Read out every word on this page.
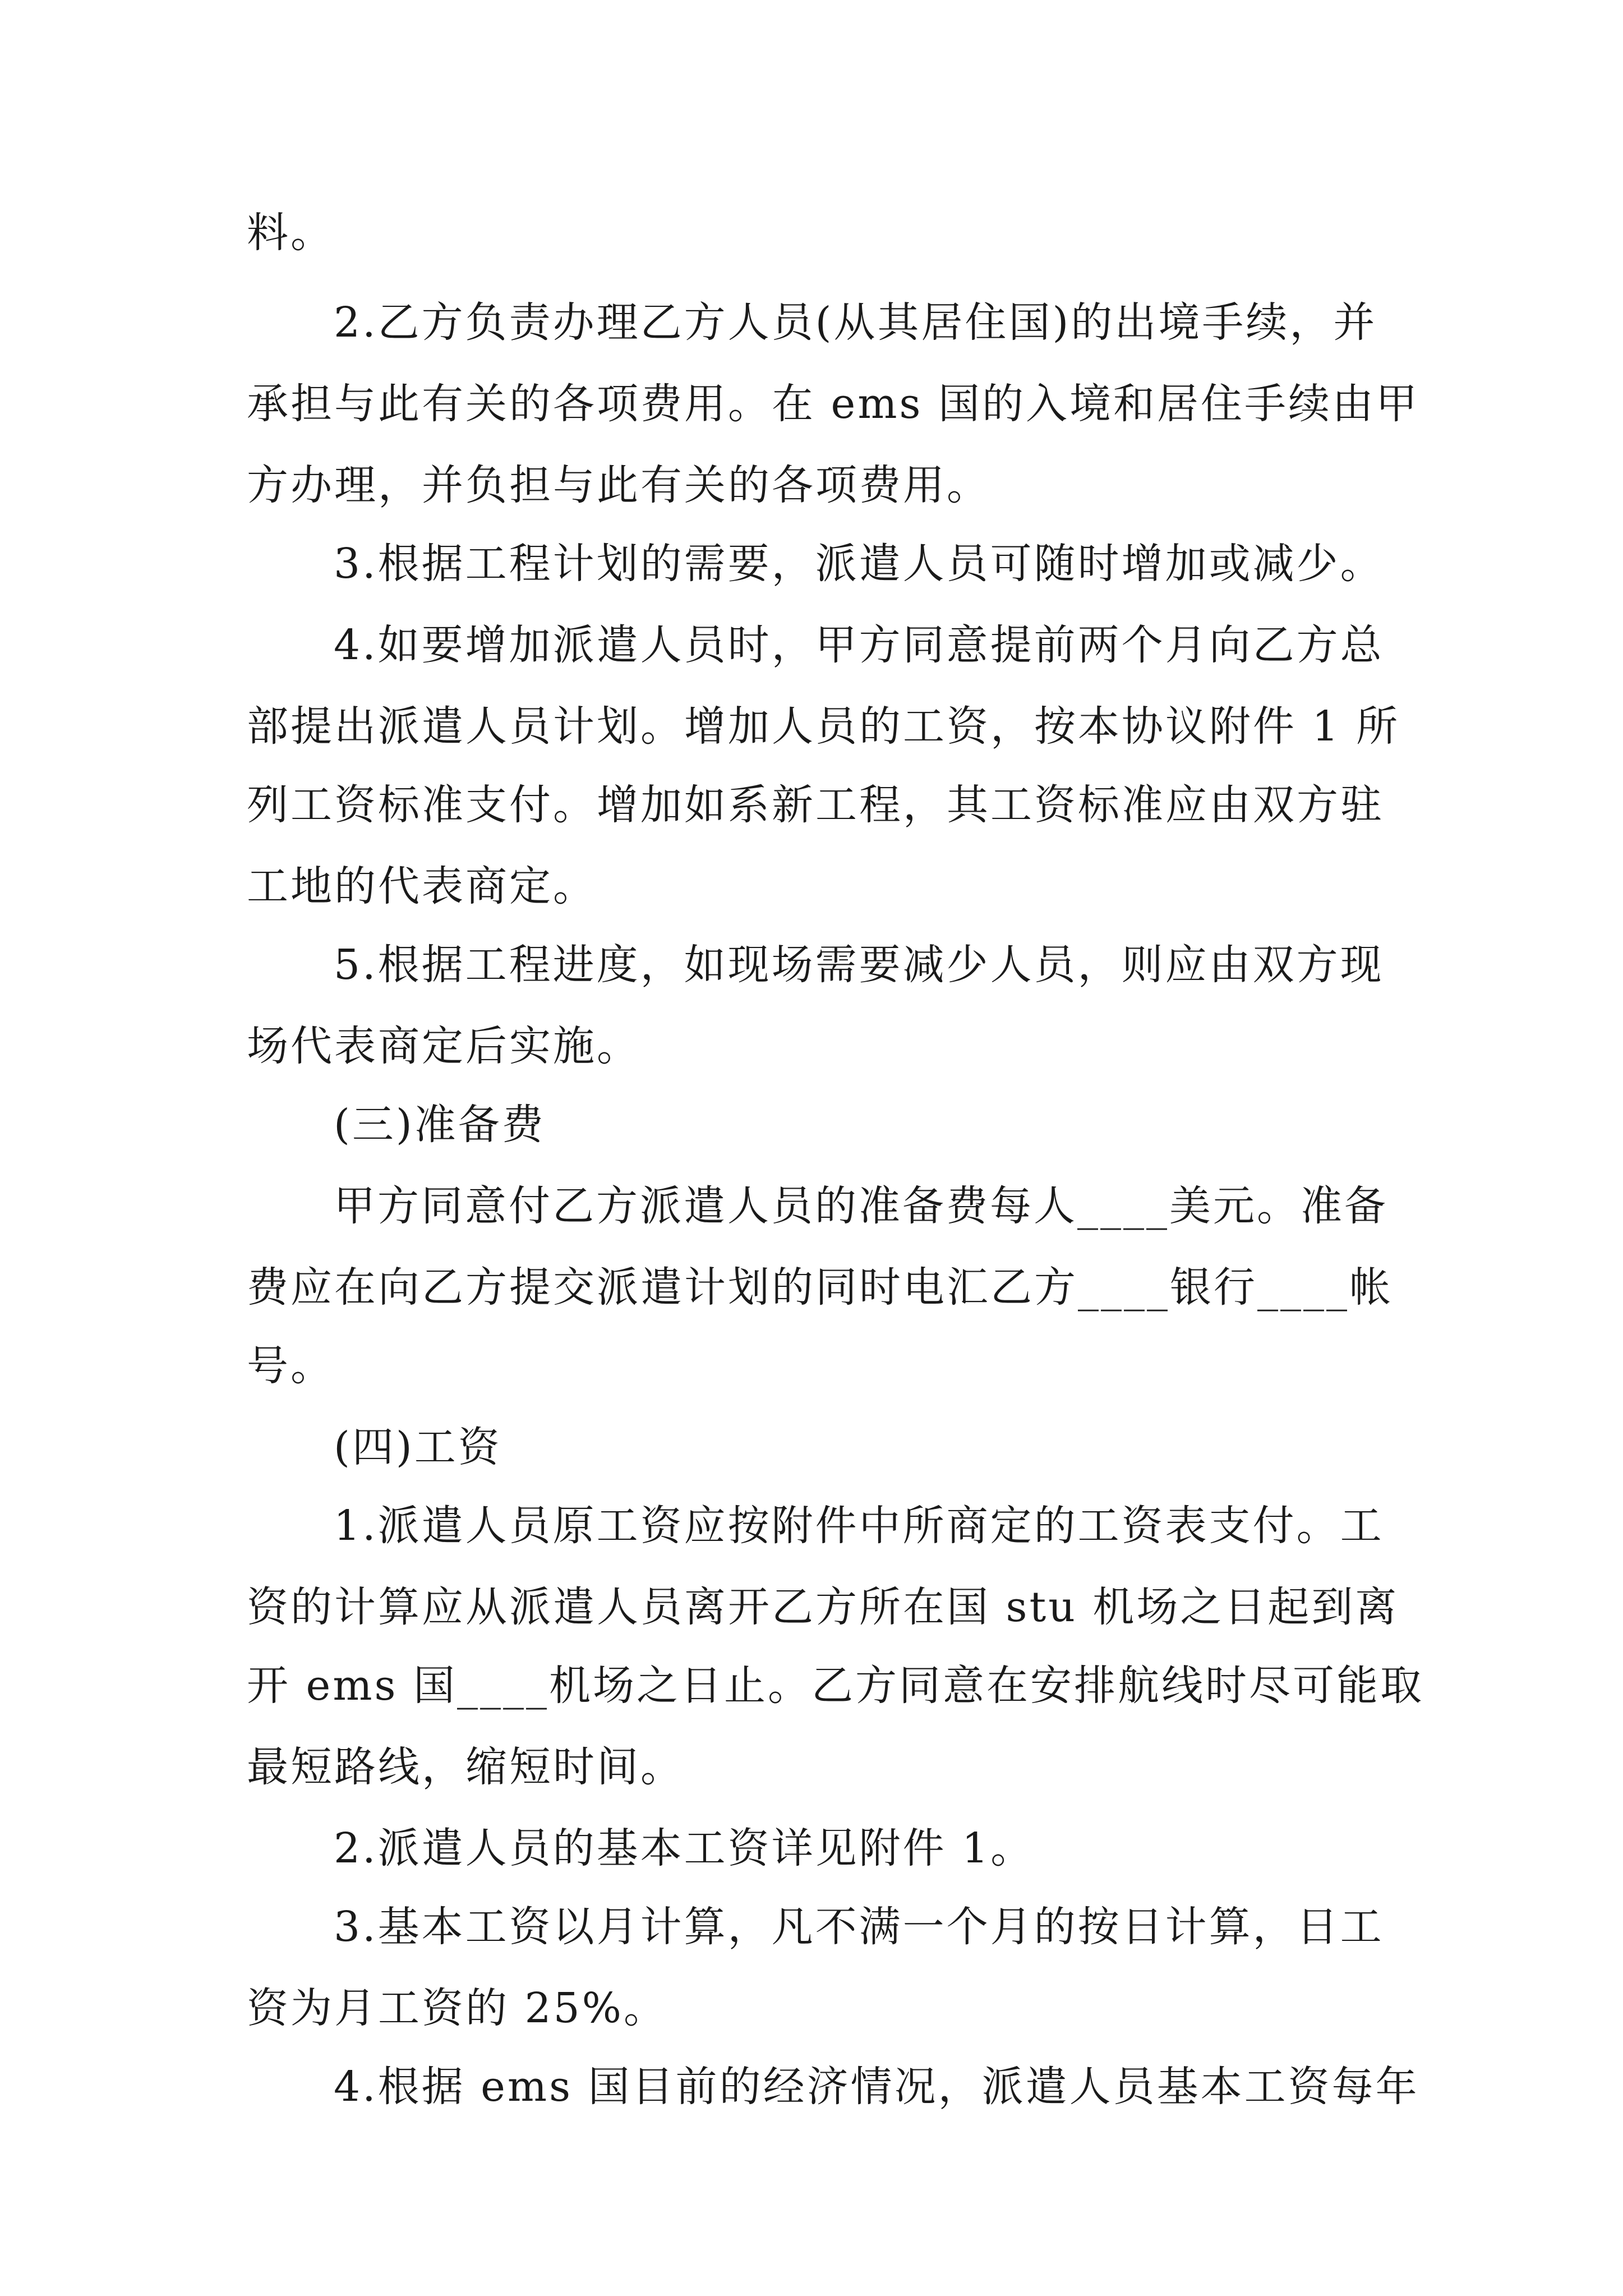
料。
2.乙方负责办理乙方人员(从其居住国)的出境手续，并
承担与此有关的各项费用。在 ems 国的入境和居住手续由甲
方办理，并负担与此有关的各项费用。
3.根据工程计划的需要，派遣人员可随时增加或减少。
4.如要增加派遣人员时，甲方同意提前两个月向乙方总
部提出派遣人员计划。增加人员的工资，按本协议附件 1 所
列工资标准支付。增加如系新工程，其工资标准应由双方驻
工地的代表商定。
5.根据工程进度，如现场需要减少人员，则应由双方现
场代表商定后实施。
(三)准备费
甲方同意付乙方派遣人员的准备费每人____美元。准备
费应在向乙方提交派遣计划的同时电汇乙方____银行____帐
号。
(四)工资
1.派遣人员原工资应按附件中所商定的工资表支付。工
资的计算应从派遣人员离开乙方所在国 stu 机场之日起到离
开 ems 国____机场之日止。乙方同意在安排航线时尽可能取
最短路线，缩短时间。
2.派遣人员的基本工资详见附件 1。
3.基本工资以月计算，凡不满一个月的按日计算，日工
资为月工资的 25%。
4.根据 ems 国目前的经济情况，派遣人员基本工资每年
